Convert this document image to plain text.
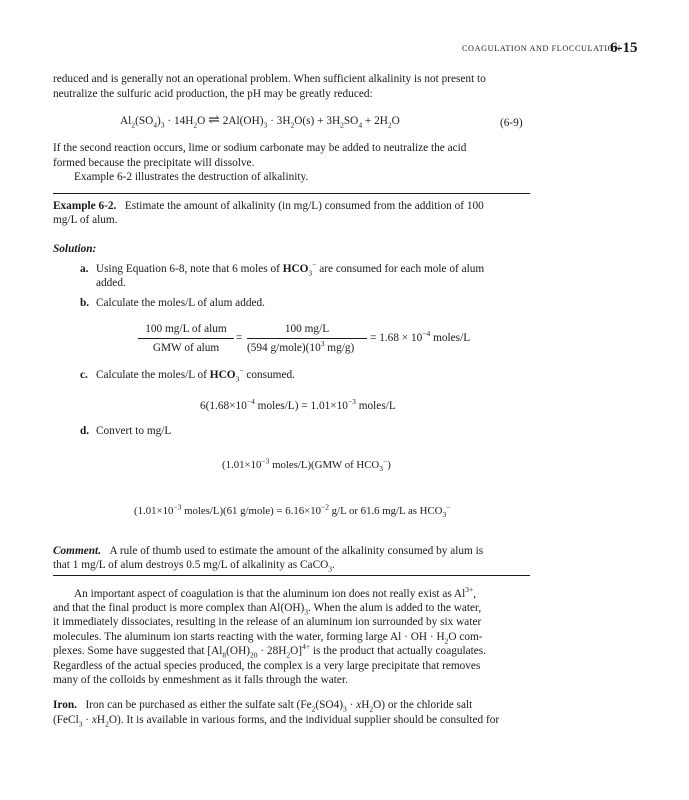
COAGULATION AND FLOCCULATION
6-15
reduced and is generally not an operational problem. When sufficient alkalinity is not present to
neutralize the sulfuric acid production, the pH may be greatly reduced:
$Al_2(SO_4)_3 \cdot 14H_2O$ ⇌ $2Al(OH)_3 \cdot 3H_2O(s) + 3H_2SO_4 + 2H_2O$	(6-9)
If the second reaction occurs, lime or sodium carbonate may be added to neutralize the acid
formed because the precipitate will dissolve.
Example 6-2 illustrates the destruction of alkalinity.
Example 6-2. Estimate the amount of alkalinity (in mg/L) consumed from the addition of 100
mg/L of alum.
Solution:
a. Using Equation 6-8, note that 6 moles of $HCO_3^-$ are consumed for each mole of alum
added.
b. Calculate the moles/L of alum added.
100 mg/L of alum
GMW of alum
=
100 mg/L
(594 $g/mole)(10^3$ mg/g)
= $1.68 \times 10^{-4}$ moles/L
c. Calculate the moles/L of $HCO_3^-$ consumed.
$6(1.68\times 10^{-4}$ moles/L) = $1.01\times 10^{-3}$ moles/L
d. Convert to mg/L
($1.01\times 10^{-3}$ moles/L)(GMW of $HCO_3^-$)
($1.01\times 10^{-3}$ moles/L)(61 g/mole) = $6.16\times 10^{-2}$ g/L or 61.6 mg/L as $HCO_3^-$
Comment. A rule of thumb used to estimate the amount of the alkalinity consumed by alum is
that 1 mg/L of alum destroys 0.5 mg/L of alkalinity as CaCO$_3$.
An important aspect of coagulation is that the aluminum ion does not really exist as $Al^{3+}$,
and that the final product is more complex than $Al(OH)_3$. When the alum is added to the water,
it immediately dissociates, resulting in the release of an aluminum ion surrounded by six water
molecules. The aluminum ion starts reacting with the water, forming large Al · OH · $H_2O$ com-
plexes. Some have suggested that $[Al_8(OH)_{20} \cdot 28H_2O]^{4+}$ is the product that actually coagulates.
Regardless of the actual species produced, the complex is a very large precipitate that removes
many of the colloids by enmeshment as it falls through the water.
Iron. Iron can be purchased as either the sulfate salt $(Fe_2(SO4)_3 \cdot xH_2O)$ or the chloride salt
(FeCl$_3$ · $xH_2O$). It is available in various forms, and the individual supplier should be consulted for
